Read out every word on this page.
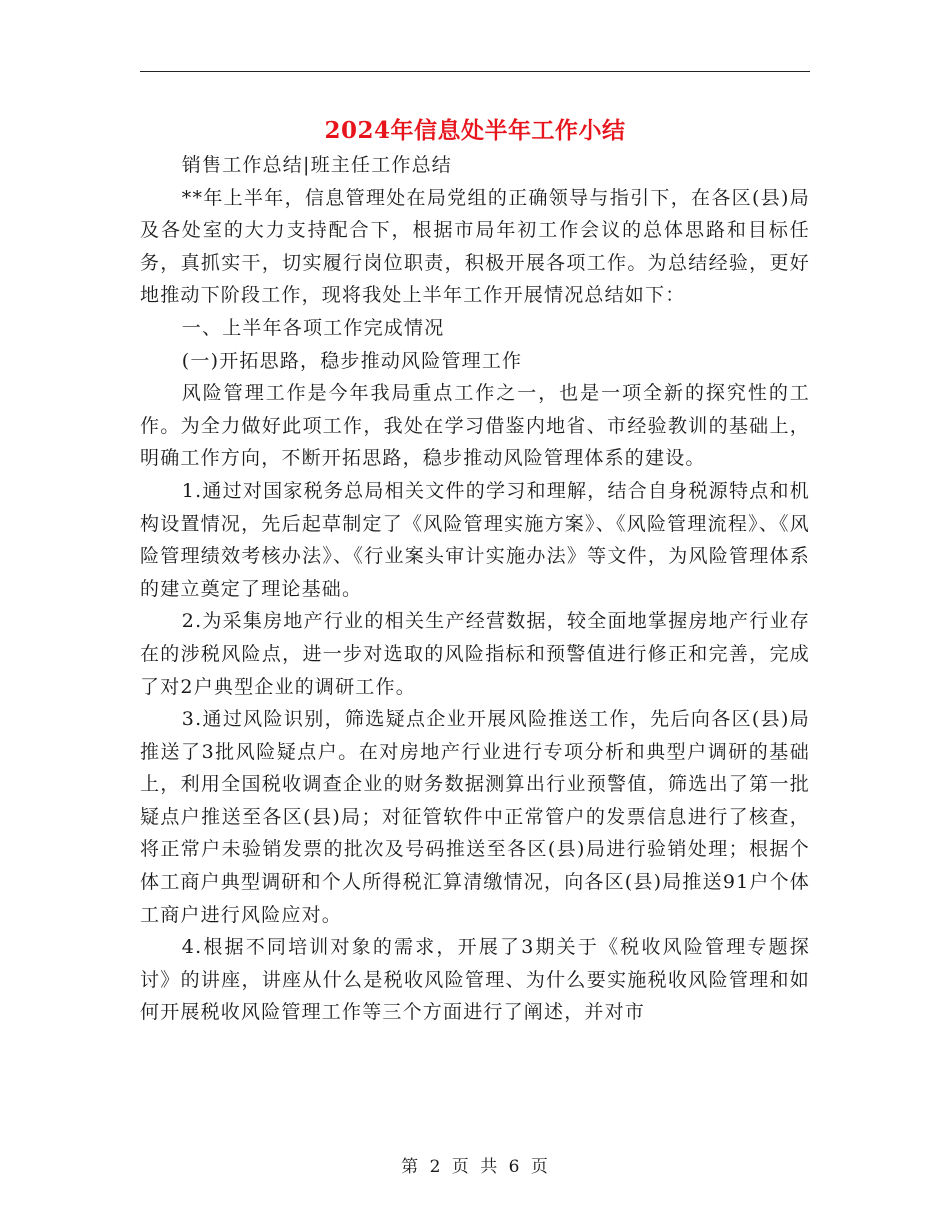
2024年信息处半年工作小结

销售工作总结|班主任工作总结

**年上半年，信息管理处在局党组的正确领导与指引下，在各区(县)局及各处室的大力支持配合下，根据市局年初工作会议的总体思路和目标任务，真抓实干，切实履行岗位职责，积极开展各项工作。为总结经验，更好地推动下阶段工作，现将我处上半年工作开展情况总结如下：

一、上半年各项工作完成情况

(一)开拓思路，稳步推动风险管理工作

风险管理工作是今年我局重点工作之一，也是一项全新的探究性的工作。为全力做好此项工作，我处在学习借鉴内地省、市经验教训的基础上，明确工作方向，不断开拓思路，稳步推动风险管理体系的建设。

1.通过对国家税务总局相关文件的学习和理解，结合自身税源特点和机构设置情况，先后起草制定了《风险管理实施方案》、《风险管理流程》、《风险管理绩效考核办法》、《行业案头审计实施办法》等文件，为风险管理体系的建立奠定了理论基础。

2.为采集房地产行业的相关生产经营数据，较全面地掌握房地产行业存在的涉税风险点，进一步对选取的风险指标和预警值进行修正和完善，完成了对2户典型企业的调研工作。

3.通过风险识别，筛选疑点企业开展风险推送工作，先后向各区(县)局推送了3批风险疑点户。在对房地产行业进行专项分析和典型户调研的基础上，利用全国税收调查企业的财务数据测算出行业预警值，筛选出了第一批疑点户推送至各区(县)局；对征管软件中正常管户的发票信息进行了核查，将正常户未验销发票的批次及号码推送至各区(县)局进行验销处理；根据个体工商户典型调研和个人所得税汇算清缴情况，向各区(县)局推送91户个体工商户进行风险应对。

4.根据不同培训对象的需求，开展了3期关于《税收风险管理专题探讨》的讲座，讲座从什么是税收风险管理、为什么要实施税收风险管理和如何开展税收风险管理工作等三个方面进行了阐述，并对市

第 2 页 共 6 页
